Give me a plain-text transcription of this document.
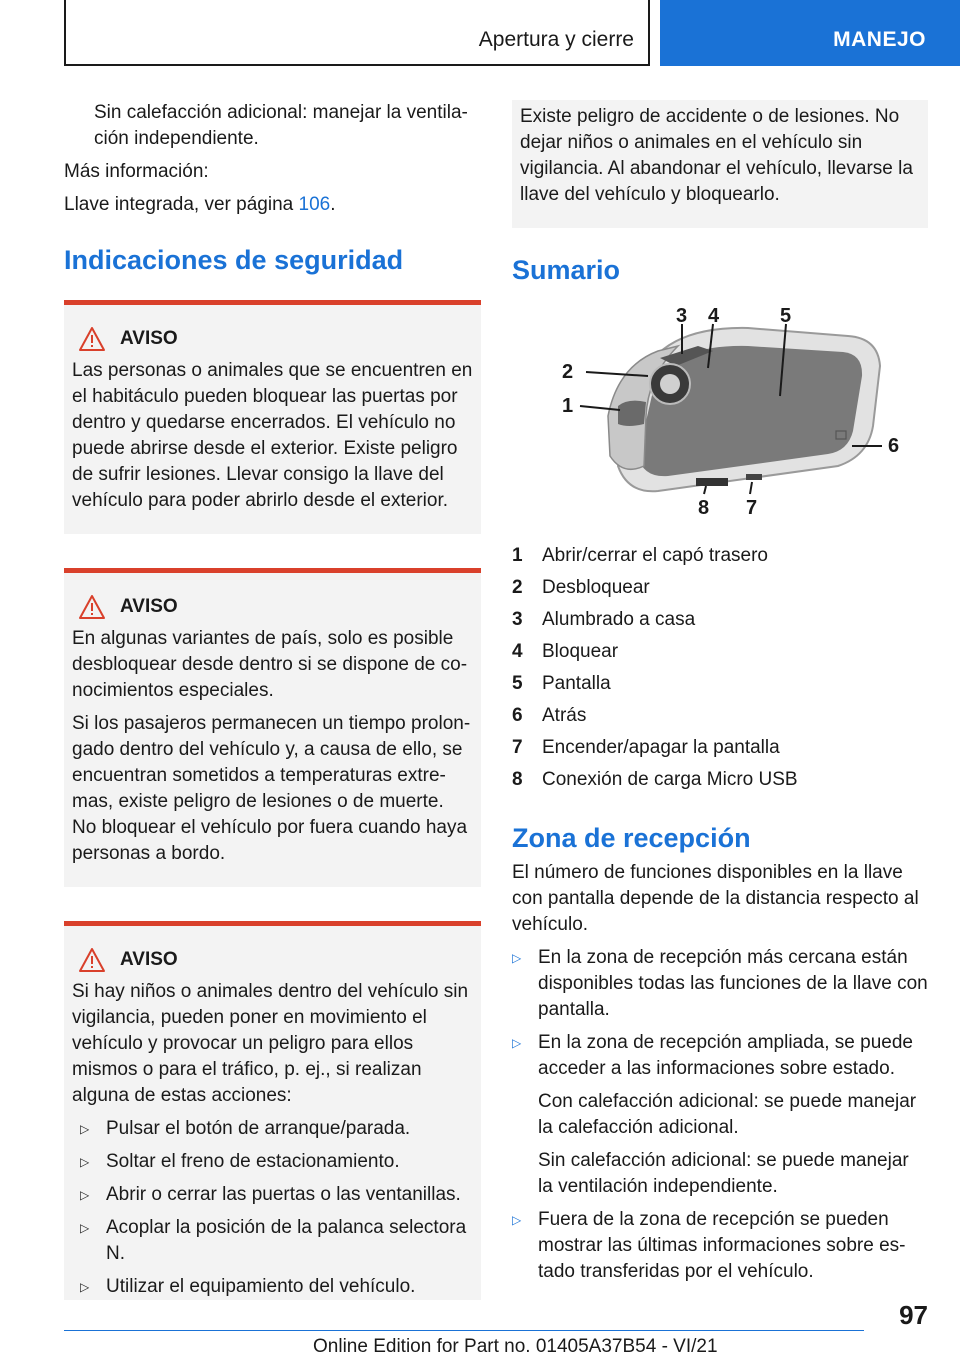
Apertura y cierre	MANEJO

Sin calefacción adicional: manejar la ventilación independiente.

Más información:

Llave integrada, ver página 106.

Indicaciones de seguridad
AVISO

Las personas o animales que se encuentren en el habitáculo pueden bloquear las puertas por dentro y quedarse encerrados. El vehículo no puede abrirse desde el exterior. Existe peligro de sufrir lesiones. Llevar consigo la llave del vehículo para poder abrirlo desde el exterior.

AVISO

En algunas variantes de país, solo es posible desbloquear desde dentro si se dispone de conocimientos especiales.

Si los pasajeros permanecen un tiempo prolongado dentro del vehículo y, a causa de ello, se encuentran sometidos a temperaturas extremas, existe peligro de lesiones o de muerte. No bloquear el vehículo por fuera cuando haya personas a bordo.

AVISO

Si hay niños o animales dentro del vehículo sin vigilancia, pueden poner en movimiento el vehículo y provocar un peligro para ellos mismos o para el tráfico, p. ej., si realizan alguna de estas acciones:

▷ Pulsar el botón de arranque/parada.
▷ Soltar el freno de estacionamiento.
▷ Abrir o cerrar las puertas o las ventanillas.
▷ Acoplar la posición de la palanca selectora N.
▷ Utilizar el equipamiento del vehículo.

Existe peligro de accidente o de lesiones. No dejar niños o animales en el vehículo sin vigilancia. Al abandonar el vehículo, llevarse la llave del vehículo y bloquearlo.

Sumario
1
2
3 4	5
6
7
8
1	Abrir/cerrar el capó trasero
2	Desbloquear
3	Alumbrado a casa
4	Bloquear
5	Pantalla
6	Atrás
7	Encender/apagar la pantalla
8	Conexión de carga Micro USB
Zona de recepción

El número de funciones disponibles en la llave con pantalla depende de la distancia respecto al vehículo.

▷ En la zona de recepción más cercana están disponibles todas las funciones de la llave con pantalla.
▷ En la zona de recepción ampliada, se puede acceder a las informaciones sobre estado.
Con calefacción adicional: se puede manejar la calefacción adicional.
Sin calefacción adicional: se puede manejar la ventilación independiente.
▷ Fuera de la zona de recepción se pueden mostrar las últimas informaciones sobre estado transferidas por el vehículo.
97
Online Edition for Part no. 01405A37B54 - VI/21
